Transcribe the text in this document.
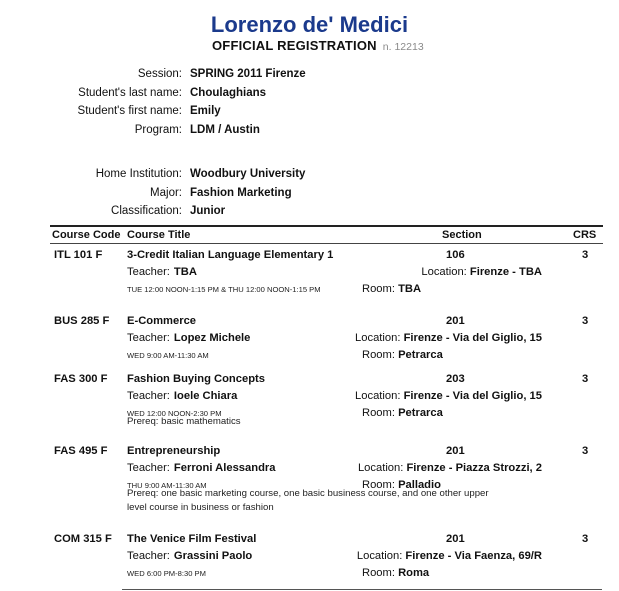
Lorenzo de' Medici
OFFICIAL REGISTRATION n. 12213
Session: SPRING 2011 Firenze
Student's last name: Choulaghians
Student's first name: Emily
Program: LDM / Austin
Home Institution: Woodbury University
Major: Fashion Marketing
Classification: Junior
Course Code Course Title	Section	CRS
ITL 101 F 3-Credit Italian Language Elementary 1	106	3
Teacher: TBA	Location: Firenze - TBA
Room: TBA
TUE 12:00 NOON-1:15 PM & THU 12:00 NOON-1:15 PM
BUS 285 F E-Commerce	201	3
Teacher: Lopez Michele	Location: Firenze - Via del Giglio, 15
Room: Petrarca
WED 9:00 AM-11:30 AM
FAS 300 F Fashion Buying Concepts	203	3
Teacher: Ioele Chiara	Location: Firenze - Via del Giglio, 15
Room: Petrarca
WED 12:00 NOON-2:30 PM
Prereq: basic mathematics
FAS 495 F Entrepreneurship	201	3
Teacher: Ferroni Alessandra	Location: Firenze - Piazza Strozzi, 2
Room: Palladio
THU 9:00 AM-11:30 AM
Prereq: one basic marketing course, one basic business course, and one other upper level course in business or fashion
COM 315 F The Venice Film Festival	201	3
Teacher: Grassini Paolo	Location: Firenze - Via Faenza, 69/R
Room: Roma
WED 6:00 PM-8:30 PM
